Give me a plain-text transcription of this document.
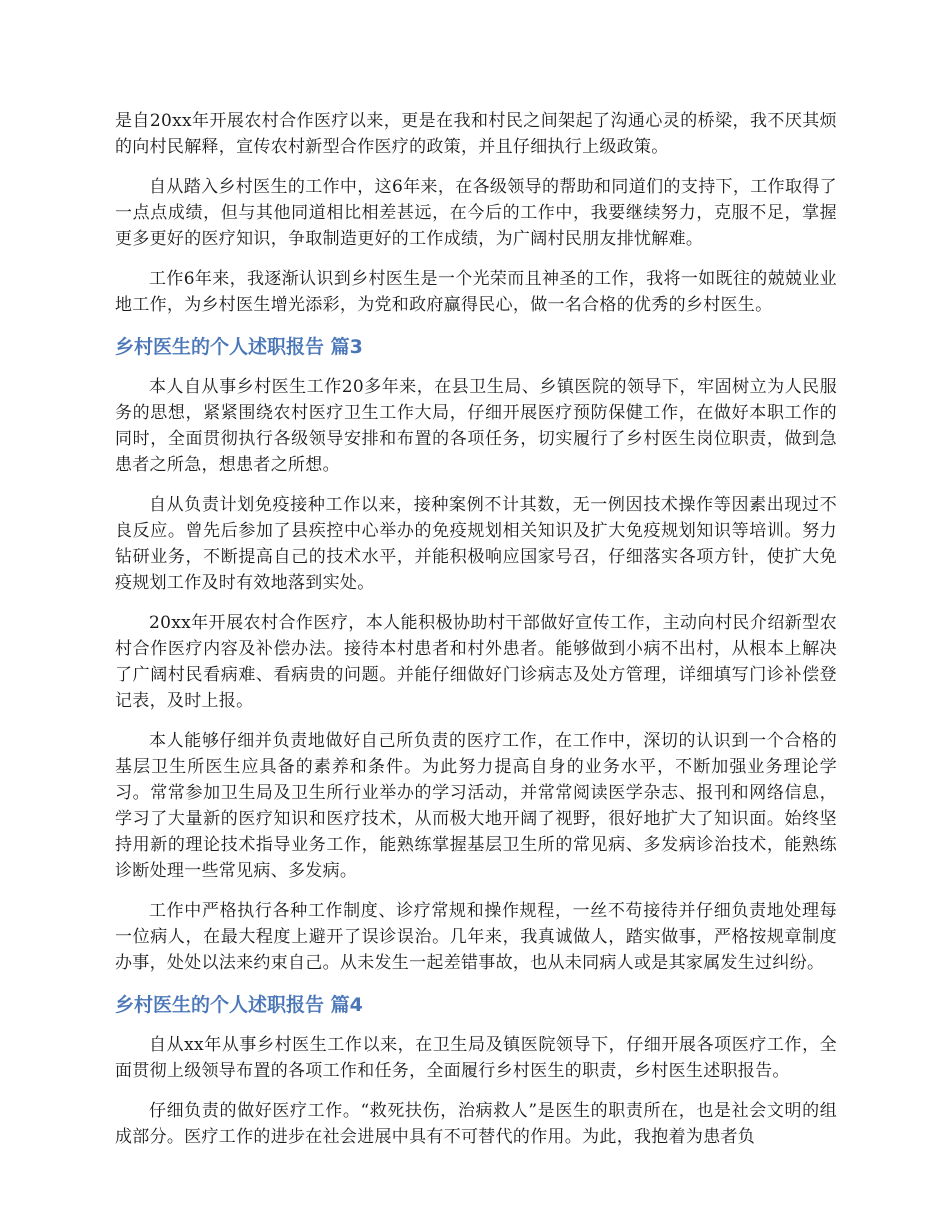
是自20xx年开展农村合作医疗以来，更是在我和村民之间架起了沟通心灵的桥梁，我不厌其烦的向村民解释，宣传农村新型合作医疗的政策，并且仔细执行上级政策。

自从踏入乡村医生的工作中，这6年来，在各级领导的帮助和同道们的支持下，工作取得了一点点成绩，但与其他同道相比相差甚远，在今后的工作中，我要继续努力，克服不足，掌握更多更好的医疗知识，争取制造更好的工作成绩，为广阔村民朋友排忧解难。

工作6年来，我逐渐认识到乡村医生是一个光荣而且神圣的工作，我将一如既往的兢兢业业地工作，为乡村医生增光添彩，为党和政府赢得民心，做一名合格的优秀的乡村医生。

乡村医生的个人述职报告 篇3

本人自从事乡村医生工作20多年来，在县卫生局、乡镇医院的领导下，牢固树立为人民服务的思想，紧紧围绕农村医疗卫生工作大局，仔细开展医疗预防保健工作，在做好本职工作的同时，全面贯彻执行各级领导安排和布置的各项任务，切实履行了乡村医生岗位职责，做到急患者之所急，想患者之所想。

自从负责计划免疫接种工作以来，接种案例不计其数，无一例因技术操作等因素出现过不良反应。曾先后参加了县疾控中心举办的免疫规划相关知识及扩大免疫规划知识等培训。努力钻研业务，不断提高自己的技术水平，并能积极响应国家号召，仔细落实各项方针，使扩大免疫规划工作及时有效地落到实处。

20xx年开展农村合作医疗，本人能积极协助村干部做好宣传工作，主动向村民介绍新型农村合作医疗内容及补偿办法。接待本村患者和村外患者。能够做到小病不出村，从根本上解决了广阔村民看病难、看病贵的问题。并能仔细做好门诊病志及处方管理，详细填写门诊补偿登记表，及时上报。

本人能够仔细并负责地做好自己所负责的医疗工作，在工作中，深切的认识到一个合格的基层卫生所医生应具备的素养和条件。为此努力提高自身的业务水平，不断加强业务理论学习。常常参加卫生局及卫生所行业举办的学习活动，并常常阅读医学杂志、报刊和网络信息，学习了大量新的医疗知识和医疗技术，从而极大地开阔了视野，很好地扩大了知识面。始终坚持用新的理论技术指导业务工作，能熟练掌握基层卫生所的常见病、多发病诊治技术，能熟练诊断处理一些常见病、多发病。

工作中严格执行各种工作制度、诊疗常规和操作规程，一丝不苟接待并仔细负责地处理每一位病人，在最大程度上避开了误诊误治。几年来，我真诚做人，踏实做事，严格按规章制度办事，处处以法来约束自己。从未发生一起差错事故，也从未同病人或是其家属发生过纠纷。

乡村医生的个人述职报告 篇4

自从xx年从事乡村医生工作以来，在卫生局及镇医院领导下，仔细开展各项医疗工作，全面贯彻上级领导布置的各项工作和任务，全面履行乡村医生的职责，乡村医生述职报告。

仔细负责的做好医疗工作。“救死扶伤，治病救人”是医生的职责所在，也是社会文明的组成部分。医疗工作的进步在社会进展中具有不可替代的作用。为此，我抱着为患者负
